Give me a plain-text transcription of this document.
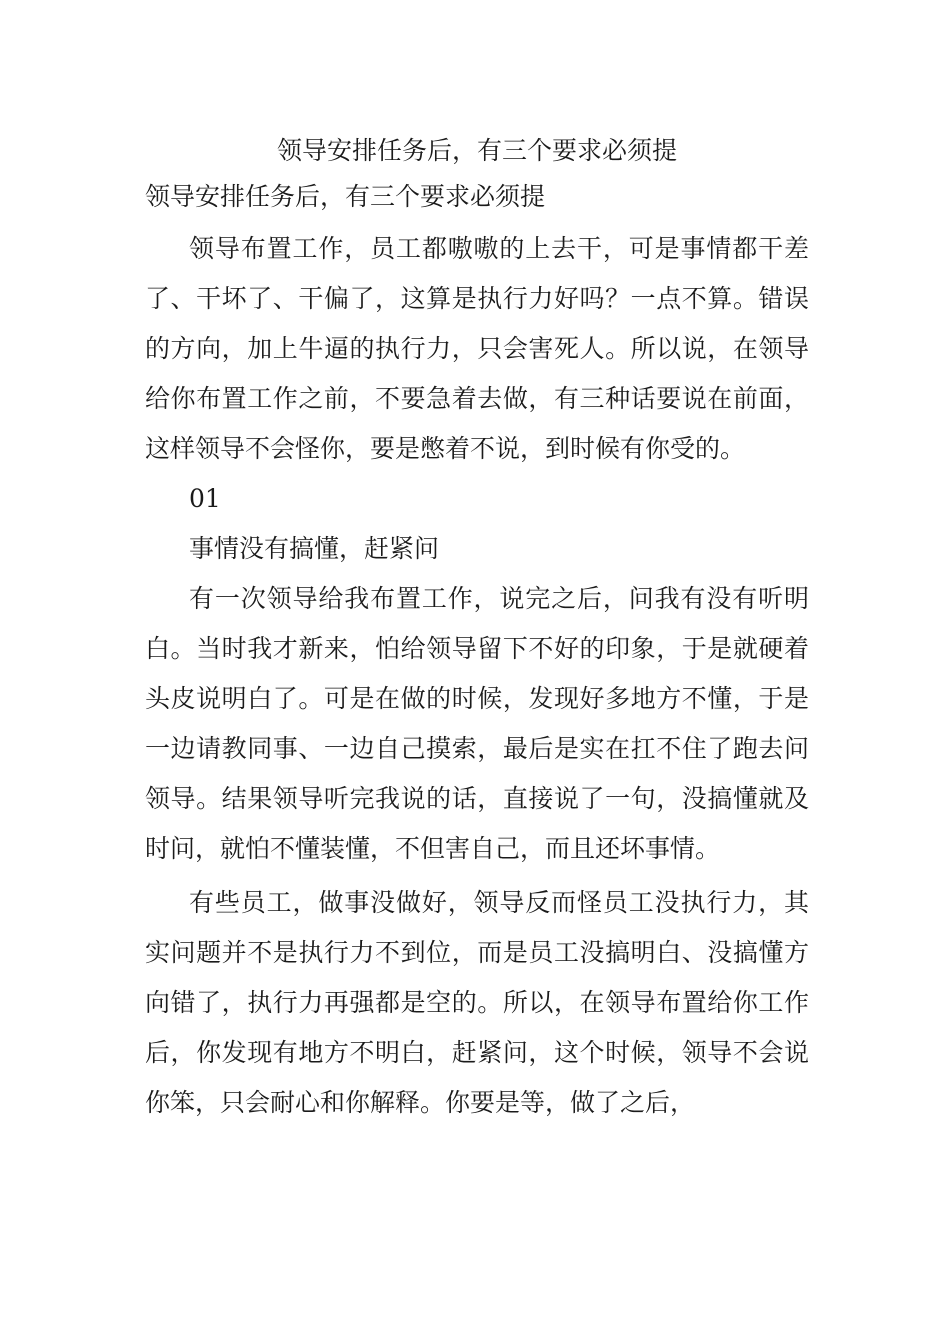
领导安排任务后，有三个要求必须提

领导安排任务后，有三个要求必须提

领导布置工作，员工都嗷嗷的上去干，可是事情都干差了、干坏了、干偏了，这算是执行力好吗？一点不算。错误的方向，加上牛逼的执行力，只会害死人。所以说，在领导给你布置工作之前，不要急着去做，有三种话要说在前面，这样领导不会怪你，要是憋着不说，到时候有你受的。

01

事情没有搞懂，赶紧问

有一次领导给我布置工作，说完之后，问我有没有听明白。当时我才新来，怕给领导留下不好的印象，于是就硬着头皮说明白了。可是在做的时候，发现好多地方不懂，于是一边请教同事、一边自己摸索，最后是实在扛不住了跑去问领导。结果领导听完我说的话，直接说了一句，没搞懂就及时问，就怕不懂装懂，不但害自己，而且还坏事情。

有些员工，做事没做好，领导反而怪员工没执行力，其实问题并不是执行力不到位，而是员工没搞明白、没搞懂方向错了，执行力再强都是空的。所以，在领导布置给你工作后，你发现有地方不明白，赶紧问，这个时候，领导不会说你笨，只会耐心和你解释。你要是等，做了之后，
